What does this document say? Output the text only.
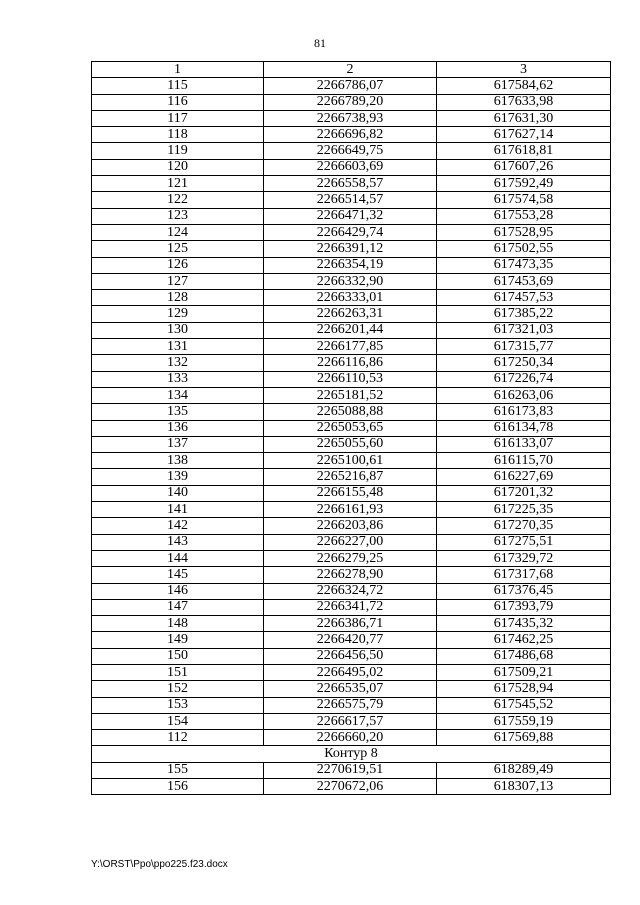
81
1	2	3
115	2266786,07	617584,62
116	2266789,20	617633,98
117	2266738,93	617631,30
118	2266696,82	617627,14
119	2266649,75	617618,81
120	2266603,69	617607,26
121	2266558,57	617592,49
122	2266514,57	617574,58
123	2266471,32	617553,28
124	2266429,74	617528,95
125	2266391,12	617502,55
126	2266354,19	617473,35
127	2266332,90	617453,69
128	2266333,01	617457,53
129	2266263,31	617385,22
130	2266201,44	617321,03
131	2266177,85	617315,77
132	2266116,86	617250,34
133	2266110,53	617226,74
134	2265181,52	616263,06
135	2265088,88	616173,83
136	2265053,65	616134,78
137	2265055,60	616133,07
138	2265100,61	616115,70
139	2265216,87	616227,69
140	2266155,48	617201,32
141	2266161,93	617225,35
142	2266203,86	617270,35
143	2266227,00	617275,51
144	2266279,25	617329,72
145	2266278,90	617317,68
146	2266324,72	617376,45
147	2266341,72	617393,79
148	2266386,71	617435,32
149	2266420,77	617462,25
150	2266456,50	617486,68
151	2266495,02	617509,21
152	2266535,07	617528,94
153	2266575,79	617545,52
154	2266617,57	617559,19
112	2266660,20	617569,88
Контур 8		
155	2270619,51	618289,49
156	2270672,06	618307,13
Y:\ORST\Ppo\ppo225.f23.docx
